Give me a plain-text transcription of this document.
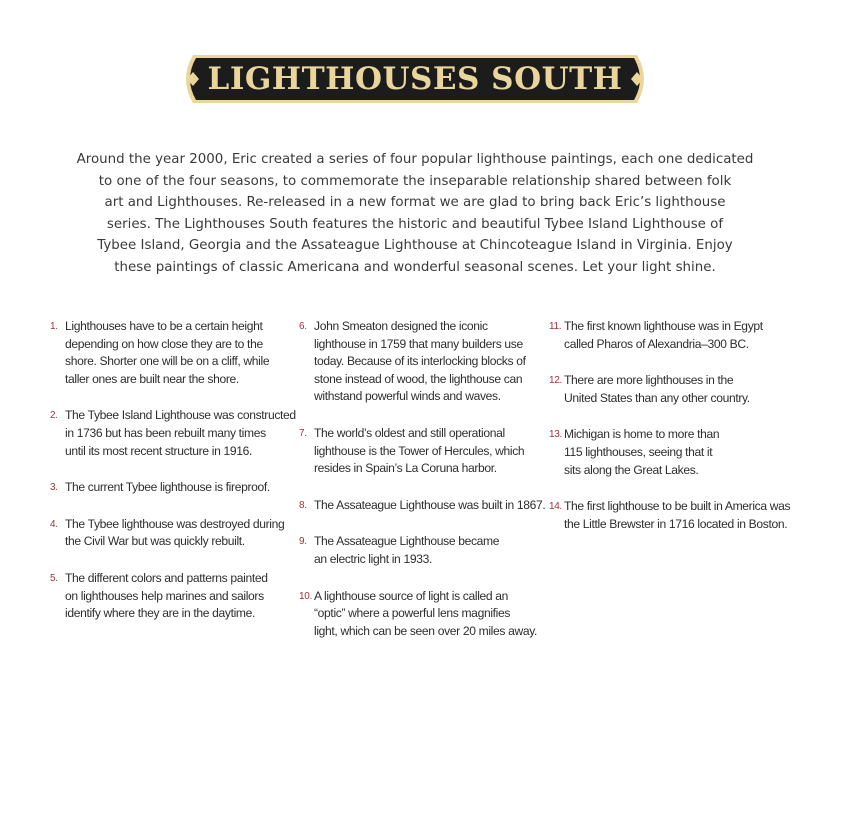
LIGHTHOUSES SOUTH
Around the year 2000, Eric created a series of four popular lighthouse paintings, each one dedicated
to one of the four seasons, to commemorate the inseparable relationship shared between folk
art and Lighthouses. Re-released in a new format we are glad to bring back Eric’s lighthouse
series. The Lighthouses South features the historic and beautiful Tybee Island Lighthouse of
Tybee Island, Georgia and the Assateague Lighthouse at Chincoteague Island in Virginia. Enjoy
these paintings of classic Americana and wonderful seasonal scenes. Let your light shine.
1. Lighthouses have to be a certain height
depending on how close they are to the
shore. Shorter one will be on a cliff, while
taller ones are built near the shore.
2. The Tybee Island Lighthouse was constructed
in 1736 but has been rebuilt many times
until its most recent structure in 1916.
3. The current Tybee lighthouse is fireproof.
4. The Tybee lighthouse was destroyed during
the Civil War but was quickly rebuilt.
5. The different colors and patterns painted
on lighthouses help marines and sailors
identify where they are in the daytime.
6. John Smeaton designed the iconic
lighthouse in 1759 that many builders use
today. Because of its interlocking blocks of
stone instead of wood, the lighthouse can
withstand powerful winds and waves.
7. The world’s oldest and still operational
lighthouse is the Tower of Hercules, which
resides in Spain’s La Coruna harbor.
8. The Assateague Lighthouse was built in 1867.
9. The Assateague Lighthouse became
an electric light in 1933.
10. A lighthouse source of light is called an
“optic” where a powerful lens magnifies
light, which can be seen over 20 miles away.
11. The first known lighthouse was in Egypt
called Pharos of Alexandria–300 BC.
12. There are more lighthouses in the
United States than any other country.
13. Michigan is home to more than
115 lighthouses, seeing that it
sits along the Great Lakes.
14. The first lighthouse to be built in America was
the Little Brewster in 1716 located in Boston.
